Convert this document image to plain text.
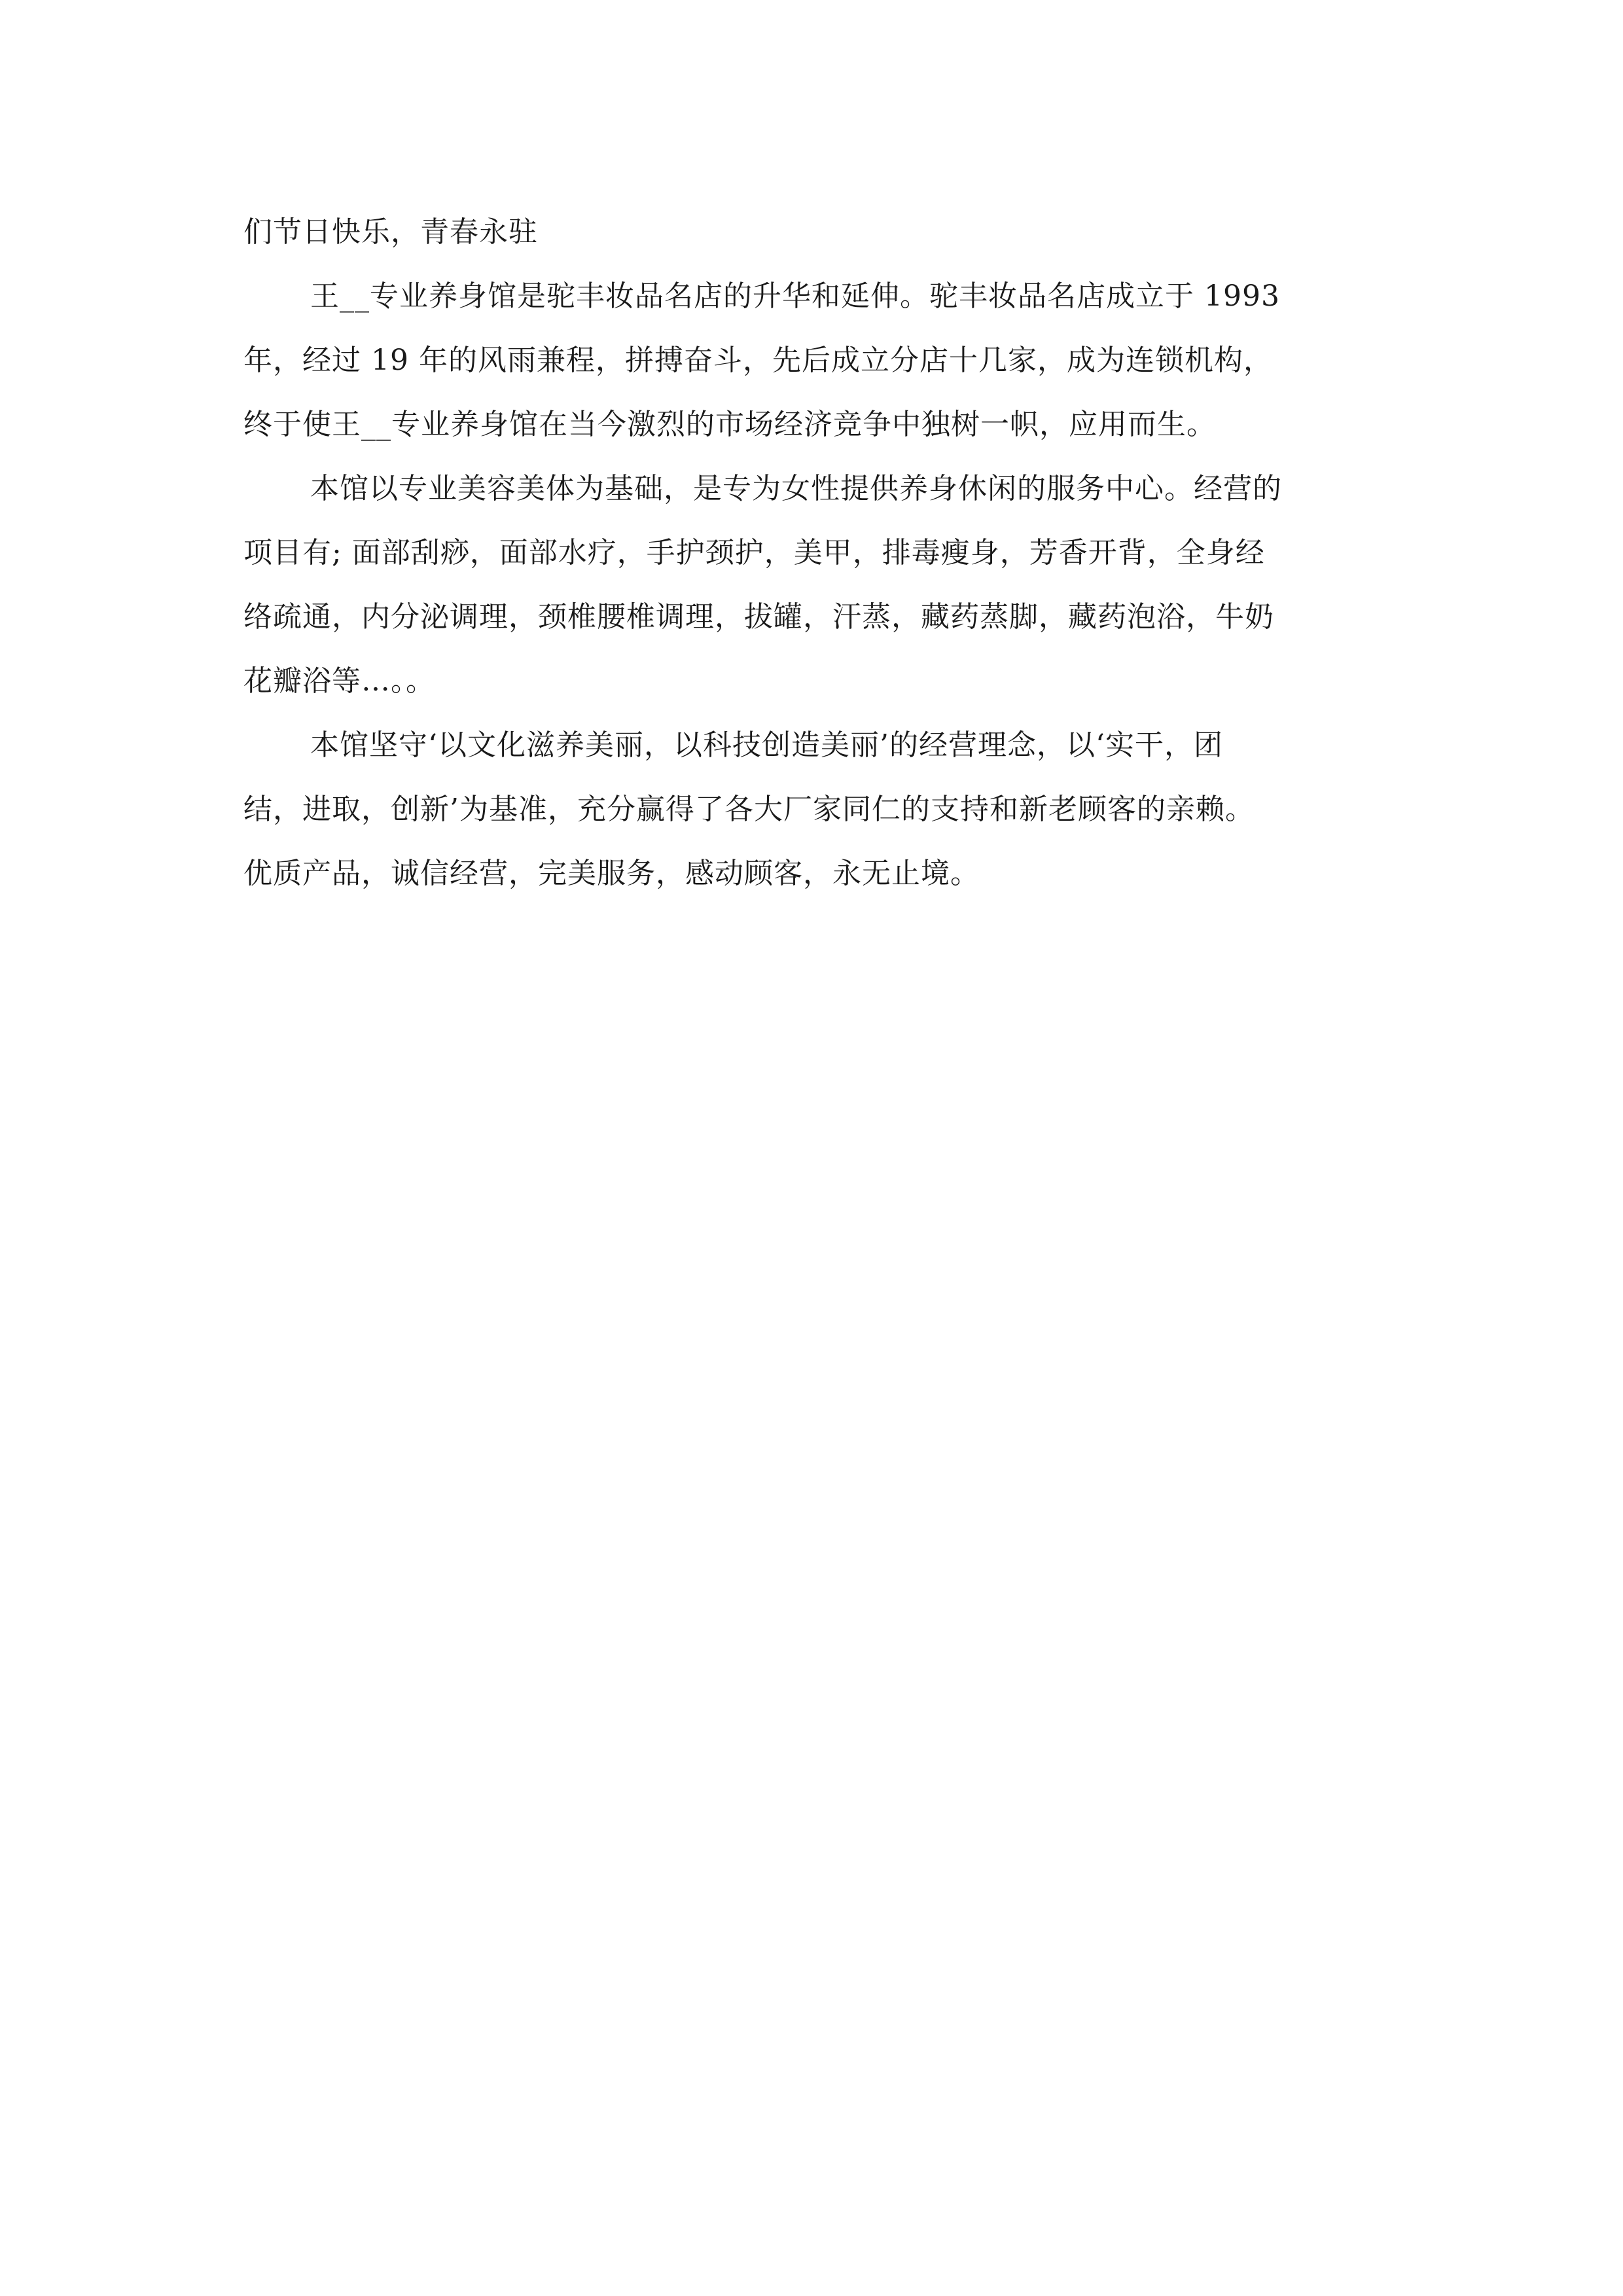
们节日快乐，青春永驻
王__专业养身馆是驼丰妆品名店的升华和延伸。驼丰妆品名店成立于 1993
年，经过 19 年的风雨兼程，拼搏奋斗，先后成立分店十几家，成为连锁机构，
终于使王__专业养身馆在当今激烈的市场经济竞争中独树一帜，应用而生。
本馆以专业美容美体为基础，是专为女性提供养身休闲的服务中心。经营的
项目有; 面部刮痧，面部水疗，手护颈护，美甲，排毒瘦身，芳香开背，全身经
络疏通，内分泌调理，颈椎腰椎调理，拔罐，汗蒸，藏药蒸脚，藏药泡浴，牛奶
花瓣浴等…。。
本馆坚守‘以文化滋养美丽，以科技创造美丽’的经营理念，以‘实干，团
结，进取，创新’为基准，充分赢得了各大厂家同仁的支持和新老顾客的亲赖。
优质产品，诚信经营，完美服务，感动顾客，永无止境。
